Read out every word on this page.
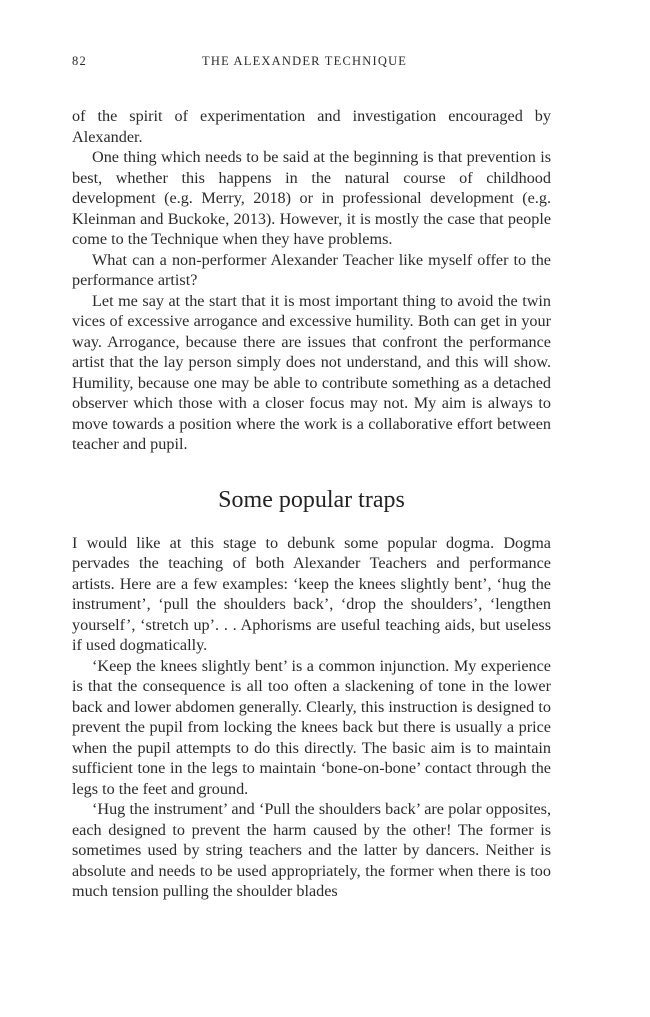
82	THE ALEXANDER TECHNIQUE

of the spirit of experimentation and investigation encouraged by Alexander.

One thing which needs to be said at the beginning is that prevention is best, whether this happens in the natural course of childhood development (e.g. Merry, 2018) or in professional development (e.g. Kleinman and Buckoke, 2013). However, it is mostly the case that people come to the Technique when they have problems.

What can a non-performer Alexander Teacher like myself offer to the performance artist?

Let me say at the start that it is most important thing to avoid the twin vices of excessive arrogance and excessive humility. Both can get in your way. Arrogance, because there are issues that confront the performance artist that the lay person simply does not understand, and this will show. Humility, because one may be able to contribute something as a detached observer which those with a closer focus may not. My aim is always to move towards a position where the work is a collaborative effort between teacher and pupil.

Some popular traps

I would like at this stage to debunk some popular dogma. Dogma pervades the teaching of both Alexander Teachers and performance artists. Here are a few examples: ‘keep the knees slightly bent’, ‘hug the instrument’, ‘pull the shoulders back’, ‘drop the shoulders’, ‘lengthen yourself’, ‘stretch up’. . . Aphorisms are useful teaching aids, but useless if used dogmatically.

‘Keep the knees slightly bent’ is a common injunction. My experience is that the consequence is all too often a slackening of tone in the lower back and lower abdomen generally. Clearly, this instruction is designed to prevent the pupil from locking the knees back but there is usually a price when the pupil attempts to do this directly. The basic aim is to maintain sufficient tone in the legs to maintain ‘bone-on-bone’ contact through the legs to the feet and ground.

‘Hug the instrument’ and ‘Pull the shoulders back’ are polar opposites, each designed to prevent the harm caused by the other! The former is sometimes used by string teachers and the latter by dancers. Neither is absolute and needs to be used appropriately, the former when there is too much tension pulling the shoulder blades
